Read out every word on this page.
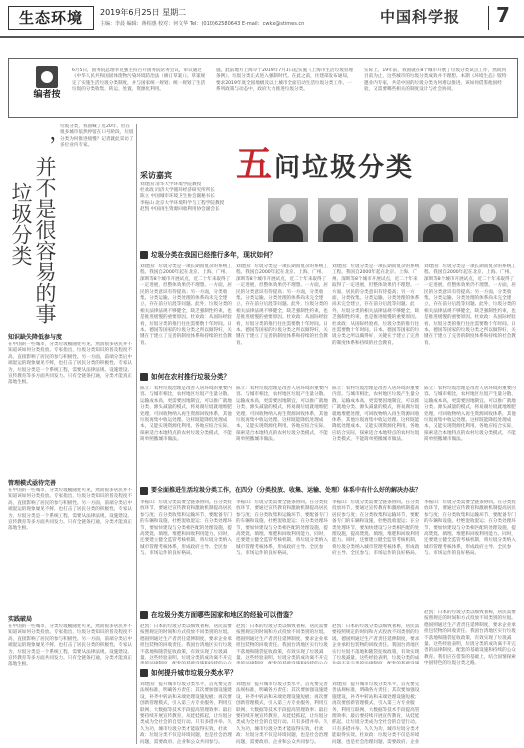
生态环境	2019年6月25日 星期二
主编：李晨 编辑：蒋柏惠 校对：何文华 Tel：(010)62580643 E-mail：cwkx@stimes.cn	中国科学报 7
编者按
6月5日，国务院总理李克强主持召开国务院常务会议，审议通过《中华人民共和国固体废物污染环境防治法（修订草案）》。草案规定了实施生活垃圾分类制度，并与国家统一规划；统一规划了生活垃圾的分类收集、转运、处置、资源化利用。
施。此前地方上海早于2019年7月1日起实施《上海市生活垃圾管理条例》，垃圾分类正式进入强制时代。在此之前，住建部发布通知，要求2019年底全国地级及以上城市全面启动生活垃圾分类工作。一系列政策与动态中，政府大力推进垃圾分类。
实际上，19年前，我国就在8个城市开展了垃圾分类试点工作，然而到目前为止，这些城市的垃圾分类成效并不理想。本期《环境生态》版特邀业内专家，共话中国的垃圾分类为何难以推进，该如何借鉴他国经验，又需要哪些相关的制度设计与社会协同。
垃圾分类 ，并不是很容易的事
垃圾分类，我国喊了近20年，但在很多城市依然停留在口号阶段，垃圾分类为何推进缓慢？记者就此采访了多位业内专家。	五问垃圾分类
采访嘉宾
刘建国 清华大学环境学院教授
杜欢政 同济大学循环经济研究所所长
陈立 中国城市环境卫生协会副秘书长
李振山 北京大学环境科学与工程学院教授
赵凯 中国再生资源回收利用协会副会长
知识缺失降低参与度
在中国的一些城市，分类垃圾桶随处可见，然而很多居民并不知道该如何分类投放。专家指出，垃圾分类知识的普及程度不高，直接影响了居民的参与积极性。另一方面，前端分类后中端混运的现象屡见不鲜，也打击了居民分类的积极性。专家认为，垃圾分类是一个系统工程，需要从法律法规、设施建设、宣传教育等多方面共同发力。只有全链条打通，分类才能真正落地生根。
管理模式亟待完善
在中国的一些城市，分类垃圾桶随处可见，然而很多居民并不知道该如何分类投放。专家指出，垃圾分类知识的普及程度不高，直接影响了居民的参与积极性。另一方面，前端分类后中端混运的现象屡见不鲜，也打击了居民分类的积极性。专家认为，垃圾分类是一个系统工程，需要从法律法规、设施建设、宣传教育等多方面共同发力。只有全链条打通，分类才能真正落地生根。
实践破局
在中国的一些城市，分类垃圾桶随处可见，然而很多居民并不知道该如何分类投放。专家指出，垃圾分类知识的普及程度不高，直接影响了居民的参与积极性。另一方面，前端分类后中端混运的现象屡见不鲜，也打击了居民分类的积极性。专家认为，垃圾分类是一个系统工程，需要从法律法规、设施建设、宣传教育等多方面共同发力。只有全链条打通，分类才能真正落地生根。
垃圾分类在我国已经推行多年，现状如何？
刘建国：垃圾分类是一项长期而复杂的系统工程。我国自2000年起在北京、上海、广州、深圳等8个城市开展试点，近二十年来取得了一定进展，但整体效果仍不理想。一方面，居民的分类意识有待提高；另一方面，分类收集、分类运输、分类处理的体系尚未完全建立，存在前分后混等问题。此外，垃圾分类的相关法律法规不够健全，缺乏强制性约束，也是推进缓慢的重要原因。杜欢政：从国际经验看，垃圾分类的推行往往需要数十年时间。日本、德国等国家的垃圾分类之所以做得好，关键在于建立了完善的制度体系和持续的社会教育。
刘建国：垃圾分类是一项长期而复杂的系统工程。我国自2000年起在北京、上海、广州、深圳等8个城市开展试点，近二十年来取得了一定进展，但整体效果仍不理想。一方面，居民的分类意识有待提高；另一方面，分类收集、分类运输、分类处理的体系尚未完全建立，存在前分后混等问题。此外，垃圾分类的相关法律法规不够健全，缺乏强制性约束，也是推进缓慢的重要原因。杜欢政：从国际经验看，垃圾分类的推行往往需要数十年时间。日本、德国等国家的垃圾分类之所以做得好，关键在于建立了完善的制度体系和持续的社会教育。
刘建国：垃圾分类是一项长期而复杂的系统工程。我国自2000年起在北京、上海、广州、深圳等8个城市开展试点，近二十年来取得了一定进展，但整体效果仍不理想。一方面，居民的分类意识有待提高；另一方面，分类收集、分类运输、分类处理的体系尚未完全建立，存在前分后混等问题。此外，垃圾分类的相关法律法规不够健全，缺乏强制性约束，也是推进缓慢的重要原因。杜欢政：从国际经验看，垃圾分类的推行往往需要数十年时间。日本、德国等国家的垃圾分类之所以做得好，关键在于建立了完善的制度体系和持续的社会教育。
刘建国：垃圾分类是一项长期而复杂的系统工程。我国自2000年起在北京、上海、广州、深圳等8个城市开展试点，近二十年来取得了一定进展，但整体效果仍不理想。一方面，居民的分类意识有待提高；另一方面，分类收集、分类运输、分类处理的体系尚未完全建立，存在前分后混等问题。此外，垃圾分类的相关法律法规不够健全，缺乏强制性约束，也是推进缓慢的重要原因。杜欢政：从国际经验看，垃圾分类的推行往往需要数十年时间。日本、德国等国家的垃圾分类之所以做得好，关键在于建立了完善的制度体系和持续的社会教育。
如何在农村推行垃圾分类？
陈立：农村垃圾治理是改善人居环境的重要内容。与城市相比，农村地区垃圾产生量分散、运输成本高，更需要因地制宜。可以推广就地分类、源头减量的模式，将易腐垃圾就地堆肥处理，可回收物纳入再生资源回收体系，其他垃圾再集中收运处理。这样既能降低处理成本，又能实现资源化利用。各地应结合实际，探索适合本地特点的农村垃圾分类模式，不能简单照搬城市做法。
陈立：农村垃圾治理是改善人居环境的重要内容。与城市相比，农村地区垃圾产生量分散、运输成本高，更需要因地制宜。可以推广就地分类、源头减量的模式，将易腐垃圾就地堆肥处理，可回收物纳入再生资源回收体系，其他垃圾再集中收运处理。这样既能降低处理成本，又能实现资源化利用。各地应结合实际，探索适合本地特点的农村垃圾分类模式，不能简单照搬城市做法。
陈立：农村垃圾治理是改善人居环境的重要内容。与城市相比，农村地区垃圾产生量分散、运输成本高，更需要因地制宜。可以推广就地分类、源头减量的模式，将易腐垃圾就地堆肥处理，可回收物纳入再生资源回收体系，其他垃圾再集中收运处理。这样既能降低处理成本，又能实现资源化利用。各地应结合实际，探索适合本地特点的农村垃圾分类模式，不能简单照搬城市做法。
陈立：农村垃圾治理是改善人居环境的重要内容。与城市相比，农村地区垃圾产生量分散、运输成本高，更需要因地制宜。可以推广就地分类、源头减量的模式，将易腐垃圾就地堆肥处理，可回收物纳入再生资源回收体系，其他垃圾再集中收运处理。这样既能降低处理成本，又能实现资源化利用。各地应结合实际，探索适合本地特点的农村垃圾分类模式，不能简单照搬城市做法。
要全面推进生活垃圾分类工作，在四分（分类投放、收集、运输、处理）体系中有什么好的解决办法？
李振山：垃圾分类需要全链条协同。在分类投放环节，要通过宣传教育和激励机制提高居民参与度；在分类收集和运输环节，要配备专门的车辆和设施，杜绝混收混运；在分类处理环节，要加快建设与分类相匹配的处理设施，提高焚烧、填埋、堆肥和回收利用能力。同时，还要建立健全监管考核机制，将垃圾分类纳入城市管理考核体系，形成政府主导、全民参与、市场运作的良好格局。
李振山：垃圾分类需要全链条协同。在分类投放环节，要通过宣传教育和激励机制提高居民参与度；在分类收集和运输环节，要配备专门的车辆和设施，杜绝混收混运；在分类处理环节，要加快建设与分类相匹配的处理设施，提高焚烧、填埋、堆肥和回收利用能力。同时，还要建立健全监管考核机制，将垃圾分类纳入城市管理考核体系，形成政府主导、全民参与、市场运作的良好格局。
李振山：垃圾分类需要全链条协同。在分类投放环节，要通过宣传教育和激励机制提高居民参与度；在分类收集和运输环节，要配备专门的车辆和设施，杜绝混收混运；在分类处理环节，要加快建设与分类相匹配的处理设施，提高焚烧、填埋、堆肥和回收利用能力。同时，还要建立健全监管考核机制，将垃圾分类纳入城市管理考核体系，形成政府主导、全民参与、市场运作的良好格局。
李振山：垃圾分类需要全链条协同。在分类投放环节，要通过宣传教育和激励机制提高居民参与度；在分类收集和运输环节，要配备专门的车辆和设施，杜绝混收混运；在分类处理环节，要加快建设与分类相匹配的处理设施，提高焚烧、填埋、堆肥和回收利用能力。同时，还要建立健全监管考核机制，将垃圾分类纳入城市管理考核体系，形成政府主导、全民参与、市场运作的良好格局。
在垃圾分类方面哪些国家和地区的经验可以借鉴？
赵凯：日本的垃圾分类以细致著称，居民需要按照规定的时间和方式投放不同类别的垃圾。德国则通过生产者责任延伸制度，要求企业承担包装物的回收责任。我国台湾地区实行垃圾不落地和随袋征收政策，有效实现了垃圾减量。这些经验表明，垃圾分类的成功离不开完
赵凯：日本的垃圾分类以细致著称，居民需要按照规定的时间和方式投放不同类别的垃圾。德国则通过生产者责任延伸制度，要求企业承担包装物的回收责任。我国台湾地区实行垃圾不落地和随袋征收政策，有效实现了垃圾减量。这些经验表明，垃圾分类的成功离不开完
赵凯：日本的垃圾分类以细致著称，居民需要按照规定的时间和方式投放不同类别的垃圾。德国则通过生产者责任延伸制度，要求企业承担包装物的回收责任。我国台湾地区实行垃圾不落地和随袋征收政策，有效实现了垃圾减量。这些经验表明，垃圾分类的成
赵凯：日本的垃圾分类以细致著称，居民需要按照规定的时间和方式投放不同类别的垃圾。德国则通过生产者责任延伸制度，要求企业承担包装物的回收责任。我国台湾地区实行垃圾不落地和随袋征收政策，有效实现了垃圾减量。这些经验表明，垃圾分类的成功离不开完善的法律制度、配套的基础设施和持续的公众教育。我们应在借鉴的基础上，结合国情探索中国特色的垃圾分类之路。
如何提升城市垃圾分类水平？
刘建国：提升城市垃圾分类水平，首先要完善法规标准，明确各方责任；其次要加强设施建设，补齐中转站和末端处理设施短板；再次要创新管理模式，引入第三方专业服务，利用互联网、大数据等技术手段提高管理效率；最后要持续开展宣传教育，从娃娃抓起，让垃圾分类成为全社会的自觉行动。只有多措并举、久久为功，城市垃圾分类才能取得实效。杜欢政：垃圾分类不仅是环境问题，也是社会治理问题，需要政府、企业和公众共同参与。
刘建国：提升城市垃圾分类水平，首先要完善法规标准，明确各方责任；其次要加强设施建设，补齐中转站和末端处理设施短板；再次要创新管理模式，引入第三方专业服务，利用互联网、大数据等技术手段提高管理效率；最后要持续开展宣传教育，从娃娃抓起，让垃圾分类成为全社会的自觉行动。只有多措并举、久久为功，城市垃圾分类才能取得实效。杜欢政：垃圾分类不仅是环境问题，也是社会治理问题，需要政府、企业和公众共同参与。
刘建国：提升城市垃圾分类水平，首先要完善法规标准，明确各方责任；其次要加强设施建设，补齐中转站和末端处理设施短板；再次要创新管理模式，引入第三方专业服务，利用互联网、大数据等技术手段提高管理效率；最后要持续开展宣传教育，从娃娃抓起，让垃圾分类成为全社会的自觉行动。只有多措并举、久久为功，城市垃圾分类才能取得实效。杜欢政：垃圾分类不仅是环境问题，也是社会治理问题，需要政府、企业
